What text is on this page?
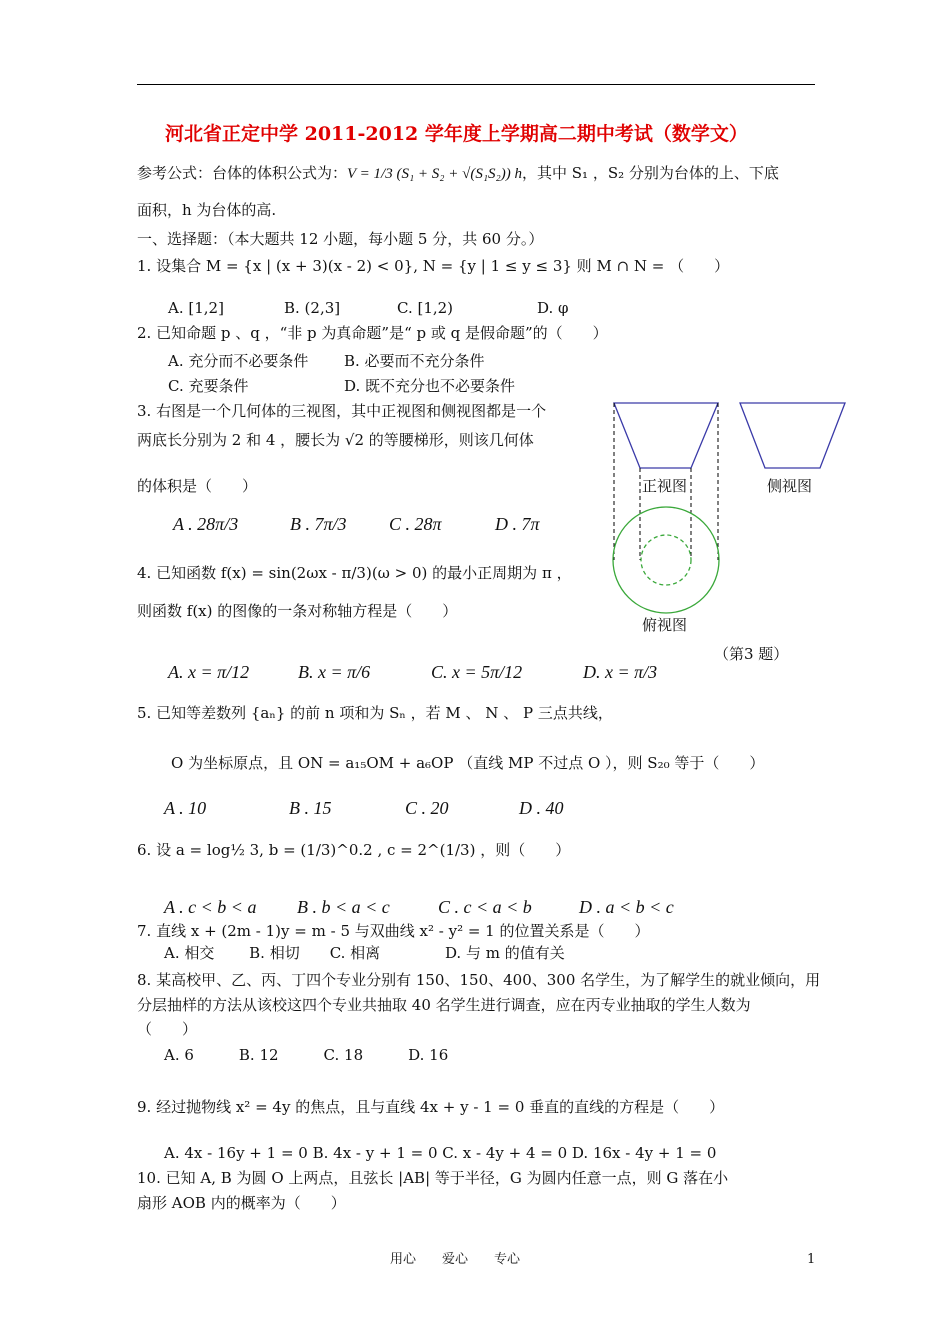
河北省正定中学 2011-2012 学年度上学期高二期中考试（数学文）
参考公式：台体的体积公式为：V = 1/3 (S₁ + S₂ + √(S₁S₂)) h，其中 S₁ ，S₂ 分别为台体的上、下底
面积，h 为台体的高.
一、选择题：（本大题共 12 小题，每小题 5 分，共 60 分。）
1. 设集合 M = {x | (x + 3)(x - 2) < 0}, N = {y | 1 ≤ y ≤ 3} 则 M ∩ N = （　　）
A. [1,2]	B. (2,3]	C. [1,2)	D. φ
2. 已知命题 p 、q ，“非 p 为真命题”是“ p 或 q 是假命题”的（　　）
A. 充分而不必要条件 B. 必要而不充分条件
C. 充要条件	D. 既不充分也不必要条件
3. 右图是一个几何体的三视图，其中正视图和侧视图都是一个
两底长分别为 2 和 4 ，腰长为 √2 的等腰梯形，则该几何体
的体积是（　　）
A . 28π/3	B . 7π/3 C . 28π	D . 7π
正视图	侧视图
俯视图
（第3 题）
4. 已知函数 f(x) = sin(2ωx - π/3)(ω > 0) 的最小正周期为 π ，
则函数 f(x) 的图像的一条对称轴方程是（　　）
A. x = π/12	B. x = π/6	C. x = 5π/12	D. x = π/3
5. 已知等差数列 {aₙ} 的前 n 项和为 Sₙ ，若 M 、 N 、 P 三点共线，
O 为坐标原点，且 ON = a₁₅OM + a₆OP （直线 MP 不过点 O ），则 S₂₀ 等于（　　）
A . 10	B . 15	C . 20	D . 40
6. 设 a = log½ 3, b = (1/3)^0.2 , c = 2^(1/3) ，则（　　）
A . c < b < a B . b < a < c	C . c < a < b	D . a < b < c
7. 直线 x + (2m - 1)y = m - 5 与双曲线 x² - y² = 1 的位置关系是（　　）
A. 相交　　 B. 相切　　C. 相离　　　　 D. 与 m 的值有关
8. 某高校甲、乙、丙、丁四个专业分别有 150、150、400、300 名学生，为了解学生的就业倾向，用
分层抽样的方法从该校这四个专业共抽取 40 名学生进行调查，应在丙专业抽取的学生人数为
（　　）
A. 6　　　B. 12　　　C. 18　　　D. 16
9. 经过抛物线 x² = 4y 的焦点，且与直线 4x + y - 1 = 0 垂直的直线的方程是（　　）
A. 4x - 16y + 1 = 0 B. 4x - y + 1 = 0 C. x - 4y + 4 = 0 D. 16x - 4y + 1 = 0
10. 已知 A, B 为圆 O 上两点，且弦长 |AB| 等于半径，G 为圆内任意一点，则 G 落在小
扇形 AOB 内的概率为（　　）
用心　　爱心　　专心	1
